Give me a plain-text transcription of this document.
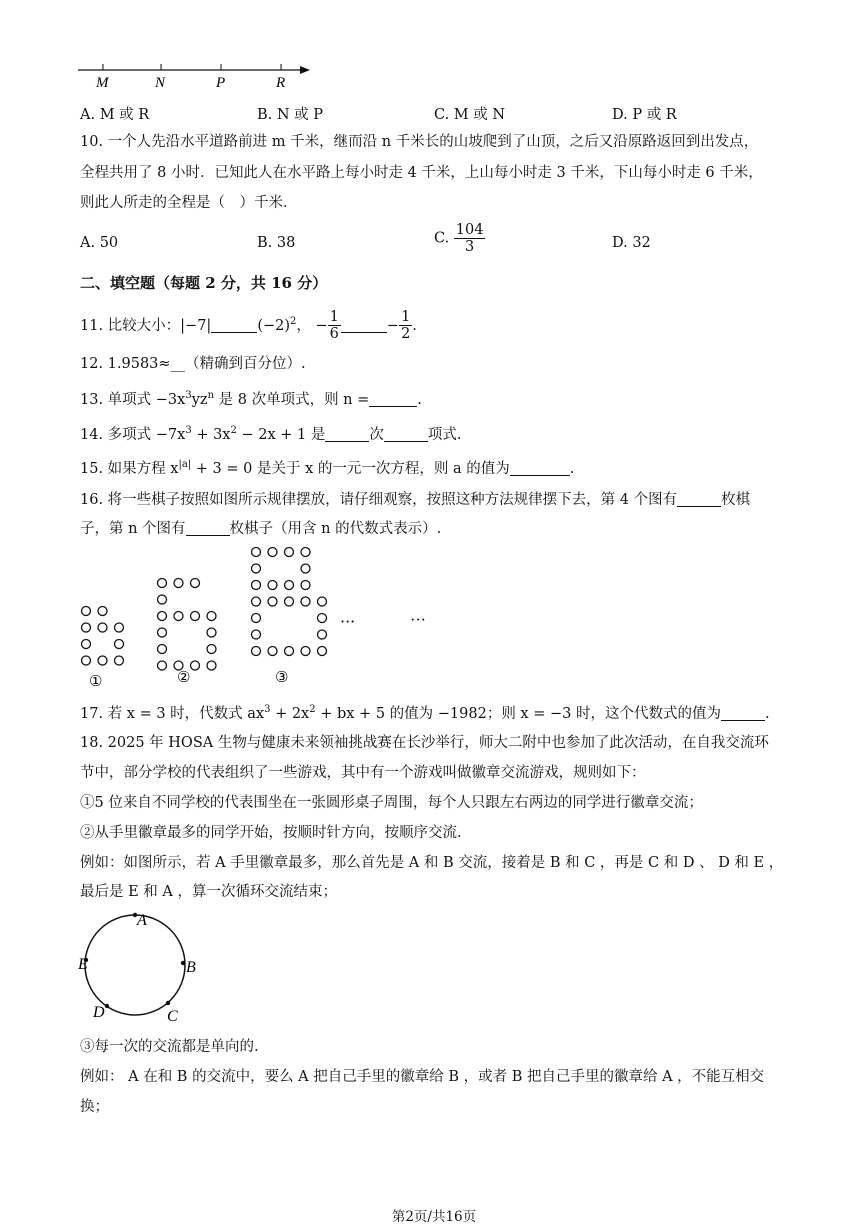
M	N	P	R
A. M 或 R	B. N 或 P	C. M 或 N	D. P 或 R
10. 一个人先沿水平道路前进 m 千米，继而沿 n 千米长的山坡爬到了山顶，之后又沿原路返回到出发点，
全程共用了 8 小时．已知此人在水平路上每小时走 4 千米，上山每小时走 3 千米，下山每小时走 6 千米，
则此人所走的全程是（　）千米．
A. 50	B. 38	C. $\frac{104}{3}$	D. 32
二、填空题（每题 2 分，共 16 分）
11. 比较大小：|−7|	$(-2)^2$， − $\frac{1}{6}$	− $\frac{1}{2}$ .
12. 1.9583≈__（精确到百分位）.
13. 单项式 $-3x^3yz^n$ 是 8 次单项式，则 n =	.
14. 多项式 $-7x^3 + 3x^2 - 2x + 1$ 是	次	项式.
15. 如果方程 $x^{|a|} + 3 = 0$ 是关于 x 的一元一次方程，则 a 的值为	.
16. 将一些棋子按照如图所示规律摆放，请仔细观察，按照这种方法规律摆下去，第 4 个图有	枚棋
子，第 n 个图有	枚棋子（用含 n 的代数式表示）.
···
①	②	③
···
17. 若 x = 3 时，代数式 $ax^3 + 2x^2$ + bx + 5 的值为 −1982；则 x = −3 时，这个代数式的值为	.
18. 2025 年 HOSA 生物与健康未来领袖挑战赛在长沙举行，师大二附中也参加了此次活动，在自我交流环
节中，部分学校的代表组织了一些游戏，其中有一个游戏叫做徽章交流游戏，规则如下：
①5 位来自不同学校的代表围坐在一张圆形桌子周围，每个人只跟左右两边的同学进行徽章交流；
②从手里徽章最多的同学开始，按顺时针方向，按顺序交流．
例如：如图所示，若 A 手里徽章最多，那么首先是 A 和 B 交流，接着是 B 和 C ，再是 C 和 D 、 D 和 E ，
最后是 E 和 A ，算一次循环交流结束；
A
B
C
D
E
③每一次的交流都是单向的.
例如： A 在和 B 的交流中，要么 A 把自己手里的徽章给 B ，或者 B 把自己手里的徽章给 A ，不能互相交
换；
第2页/共16页
